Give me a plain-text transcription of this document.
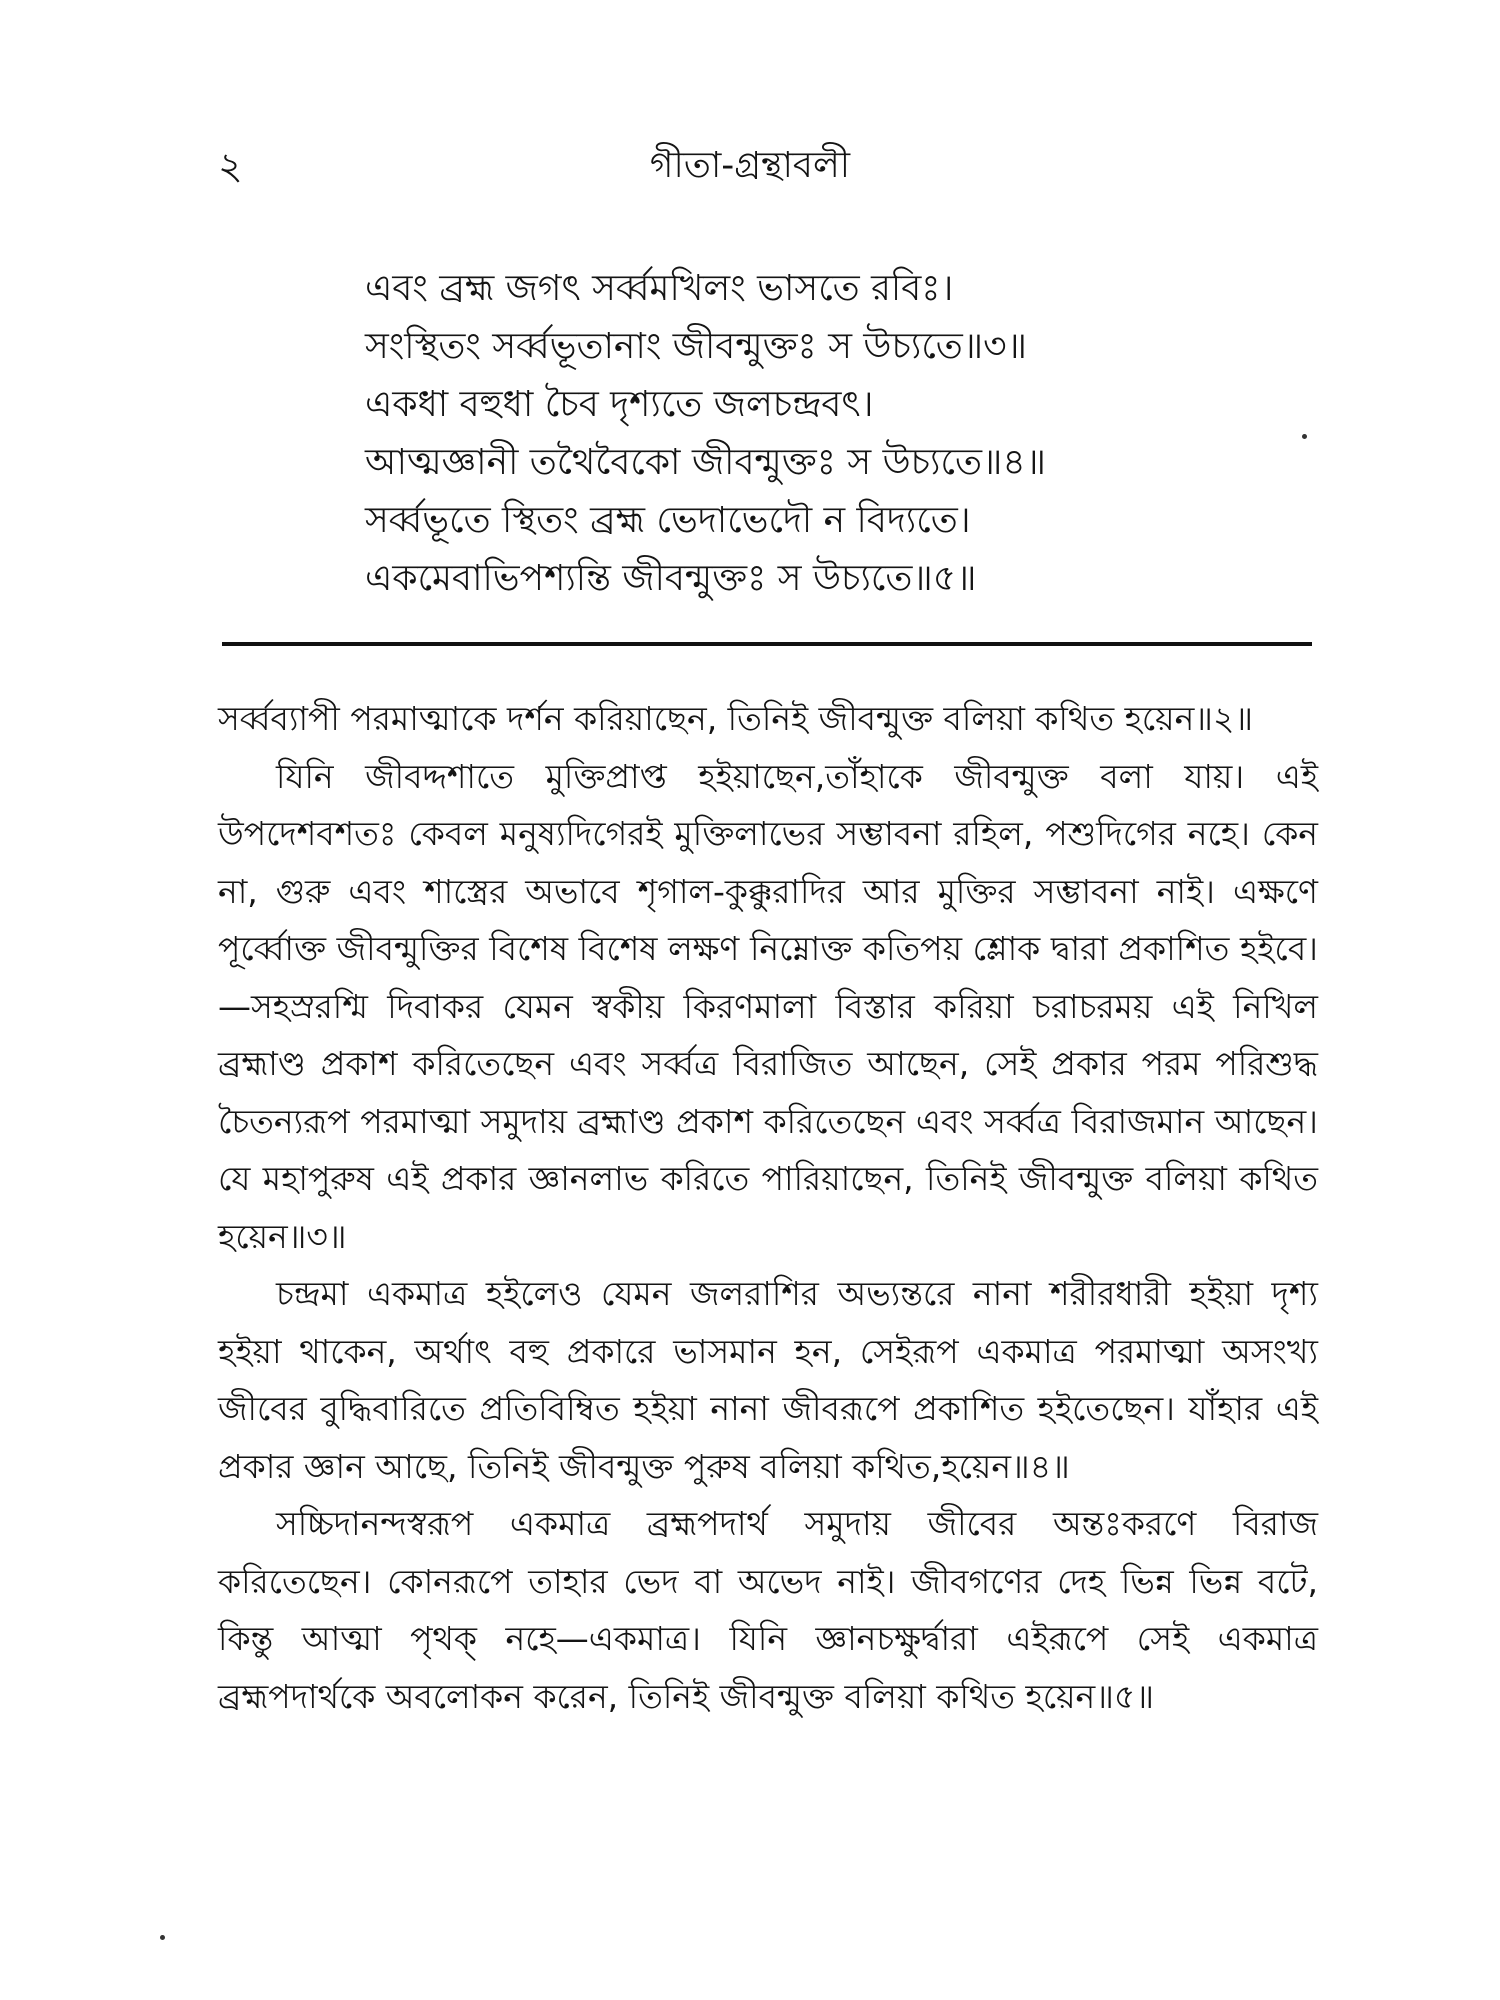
২	গীতা-গ্রন্থাবলী
এবং ব্রহ্ম জগৎ সর্ব্বমখিলং ভাসতে রবিঃ।
সংস্থিতং সর্ব্বভূতানাং জীবন্মুক্তঃ স উচ্যতে॥৩॥
একধা বহুধা চৈব দৃশ্যতে জলচন্দ্রবৎ।
আত্মজ্ঞানী তথৈবৈকো জীবন্মুক্তঃ স উচ্যতে॥৪॥
সর্ব্বভূতে স্থিতং ব্রহ্ম ভেদাভেদৌ ন বিদ্যতে।
একমেবাভিপশ্যন্তি জীবন্মুক্তঃ স উচ্যতে॥৫॥

সর্ব্বব্যাপী পরমাত্মাকে দর্শন করিয়াছেন, তিনিই জীবন্মুক্ত বলিয়া কথিত হয়েন॥২॥

যিনি জীবদ্দশাতে মুক্তিপ্রাপ্ত হইয়াছেন,তাঁহাকে জীবন্মুক্ত বলা যায়। এই উপদেশবশতঃ কেবল মনুষ্যদিগেরই মুক্তিলাভের সম্ভাবনা রহিল, পশুদিগের নহে। কেন না, গুরু এবং শাস্ত্রের অভাবে শৃগাল-কুক্কুরাদির আর মুক্তির সম্ভাবনা নাই। এক্ষণে পূর্ব্বোক্ত জীবন্মুক্তির বিশেষ বিশেষ লক্ষণ নিম্নোক্ত কতিপয় শ্লোক দ্বারা প্রকাশিত হইবে।—সহস্ররশ্মি দিবাকর যেমন স্বকীয় কিরণমালা বিস্তার করিয়া চরাচরময় এই নিখিল ব্রহ্মাণ্ড প্রকাশ করিতেছেন এবং সর্ব্বত্র বিরাজিত আছেন, সেই প্রকার পরম পরিশুদ্ধ চৈতন্যরূপ পরমাত্মা সমুদায় ব্রহ্মাণ্ড প্রকাশ করিতেছেন এবং সর্ব্বত্র বিরাজমান আছেন। যে মহাপুরুষ এই প্রকার জ্ঞানলাভ করিতে পারিয়াছেন, তিনিই জীবন্মুক্ত বলিয়া কথিত হয়েন॥৩॥

চন্দ্রমা একমাত্র হইলেও যেমন জলরাশির অভ্যন্তরে নানা শরীরধারী হইয়া দৃশ্য হইয়া থাকেন, অর্থাৎ বহু প্রকারে ভাসমান হন, সেইরূপ একমাত্র পরমাত্মা অসংখ্য জীবের বুদ্ধিবারিতে প্রতিবিম্বিত হইয়া নানা জীবরূপে প্রকাশিত হইতেছেন। যাঁহার এই প্রকার জ্ঞান আছে, তিনিই জীবন্মুক্ত পুরুষ বলিয়া কথিত,হয়েন॥৪॥

সচ্চিদানন্দস্বরূপ একমাত্র ব্রহ্মপদার্থ সমুদায় জীবের অন্তঃকরণে বিরাজ করিতেছেন। কোনরূপে তাহার ভেদ বা অভেদ নাই। জীবগণের দেহ ভিন্ন ভিন্ন বটে, কিন্তু আত্মা পৃথক্ নহে—একমাত্র। যিনি জ্ঞানচক্ষুর্দ্বারা এইরূপে সেই একমাত্র ব্রহ্মপদার্থকে অবলোকন করেন, তিনিই জীবন্মুক্ত বলিয়া কথিত হয়েন॥৫॥
